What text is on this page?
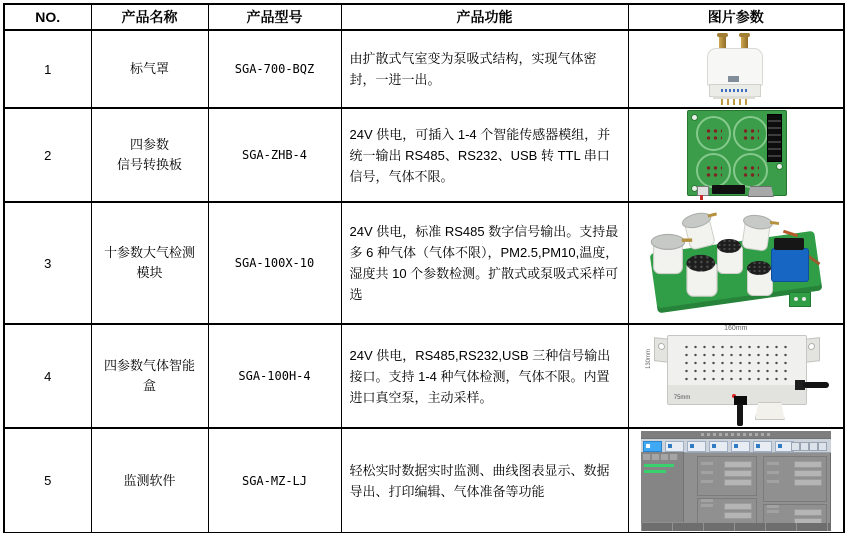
NO.	产品名称	产品型号	产品功能	图片参数
1	标气罩	SGA-700-BQZ	由扩散式气室变为泵吸式结构，实现气体密封，一进一出。	

2	四参数
信号转换板	SGA-ZHB-4	24V 供电，可插入 1-4 个智能传感器模组，并统一输出 RS485、RS232、USB 转 TTL 串口信号，气体不限。	

3	十参数大气检测
模块	SGA-100X-10	24V 供电，标准 RS485 数字信号输出。支持最多 6 种气体（气体不限），PM2.5,PM10,温度，湿度共 10 个参数检测。扩散式或泵吸式采样可选	

4	四参数气体智能
盒	SGA-100H-4	24V 供电，RS485,RS232,USB 三种信号输出接口。支持 1-4 种气体检测，气体不限。内置进口真空泵，主动采样。	
160mm
130mm
75mm

5	监测软件	SGA-MZ-LJ	轻松实时数据实时监测、曲线图表显示、数据导出、打印编辑、气体准备等功能	
